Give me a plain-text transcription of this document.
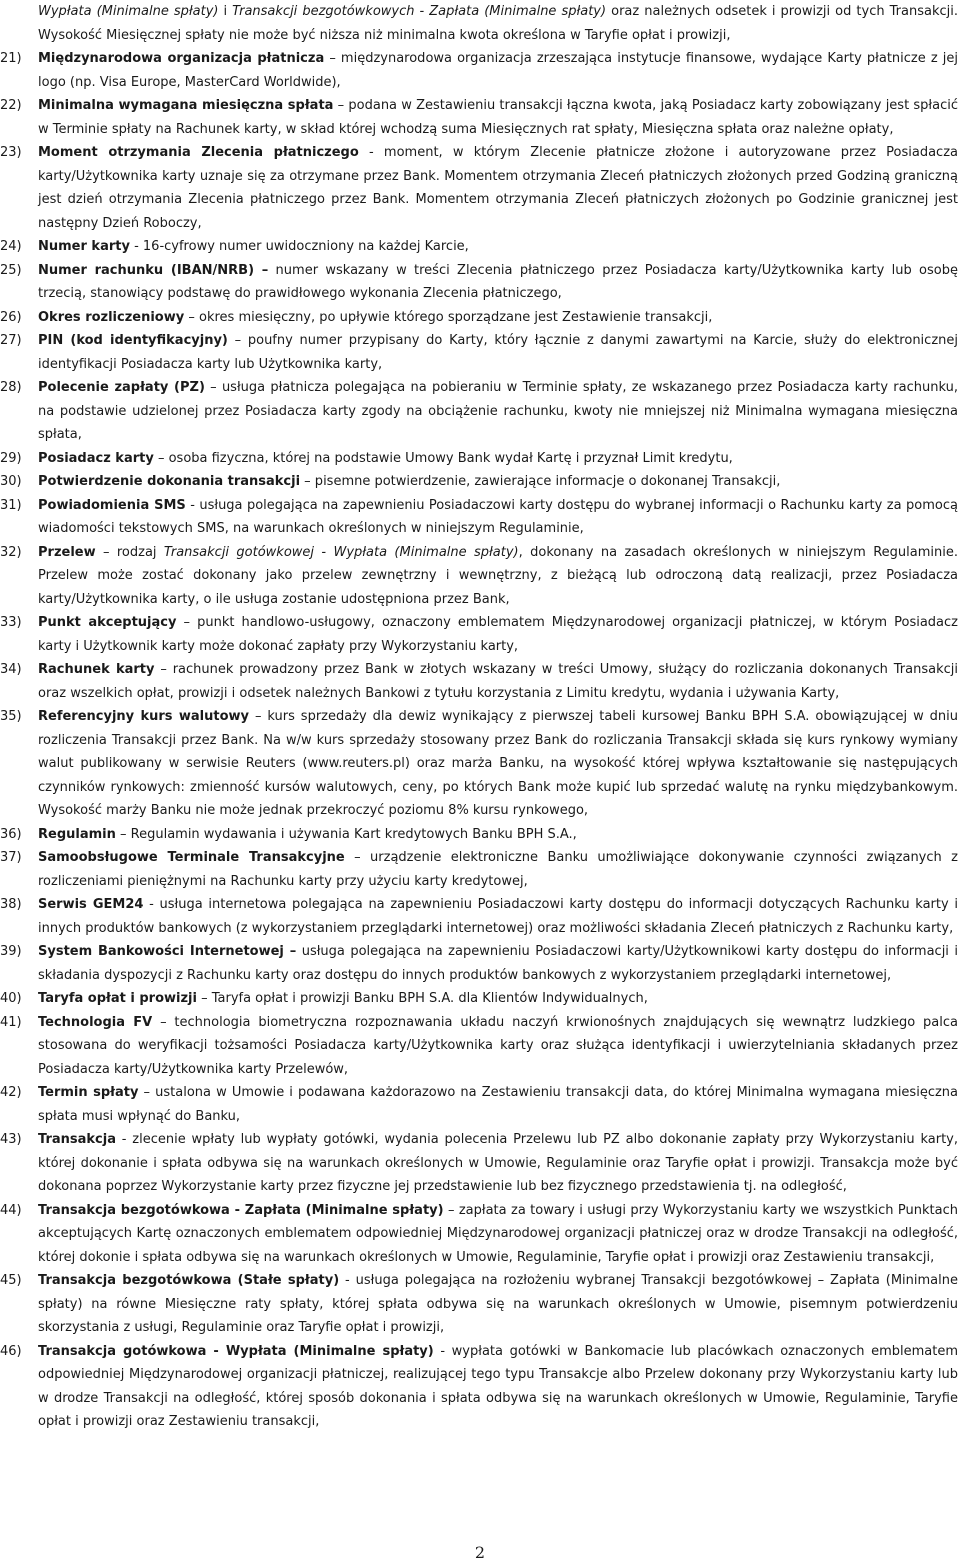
Wypłata (Minimalne spłaty) i Transakcji bezgotówkowych - Zapłata (Minimalne spłaty) oraz należnych odsetek i prowizji od tych Transakcji. Wysokość Miesięcznej spłaty nie może być niższa niż minimalna kwota określona w Taryfie opłat i prowizji,
21)	Międzynarodowa organizacja płatnicza – międzynarodowa organizacja zrzeszająca instytucje finansowe, wydające Karty płatnicze z jej logo (np. Visa Europe, MasterCard Worldwide),
22)	Minimalna wymagana miesięczna spłata – podana w Zestawieniu transakcji łączna kwota, jaką Posiadacz karty zobowiązany jest spłacić w Terminie spłaty na Rachunek karty, w skład której wchodzą suma Miesięcznych rat spłaty, Miesięczna spłata oraz należne opłaty,
23)	Moment otrzymania Zlecenia płatniczego - moment, w którym Zlecenie płatnicze złożone i autoryzowane przez Posiadacza karty/Użytkownika karty uznaje się za otrzymane przez Bank. Momentem otrzymania Zleceń płatniczych złożonych przed Godziną graniczną jest dzień otrzymania Zlecenia płatniczego przez Bank. Momentem otrzymania Zleceń płatniczych złożonych po Godzinie granicznej jest następny Dzień Roboczy,
24)	Numer karty - 16-cyfrowy numer uwidoczniony na każdej Karcie,
25)	Numer rachunku (IBAN/NRB) – numer wskazany w treści Zlecenia płatniczego przez Posiadacza karty/Użytkownika karty lub osobę trzecią, stanowiący podstawę do prawidłowego wykonania Zlecenia płatniczego,
26)	Okres rozliczeniowy – okres miesięczny, po upływie którego sporządzane jest Zestawienie transakcji,
27)	PIN (kod identyfikacyjny) – poufny numer przypisany do Karty, który łącznie z danymi zawartymi na Karcie, służy do elektronicznej identyfikacji Posiadacza karty lub Użytkownika karty,
28)	Polecenie zapłaty (PZ) – usługa płatnicza polegająca na pobieraniu w Terminie spłaty, ze wskazanego przez Posiadacza karty rachunku, na podstawie udzielonej przez Posiadacza karty zgody na obciążenie rachunku, kwoty nie mniejszej niż Minimalna wymagana miesięczna spłata,
29)	Posiadacz karty – osoba fizyczna, której na podstawie Umowy Bank wydał Kartę i przyznał Limit kredytu,
30)	Potwierdzenie dokonania transakcji – pisemne potwierdzenie, zawierające informacje o dokonanej Transakcji,
31)	Powiadomienia SMS - usługa polegająca na zapewnieniu Posiadaczowi karty dostępu do wybranej informacji o Rachunku karty za pomocą wiadomości tekstowych SMS, na warunkach określonych w niniejszym Regulaminie,
32)	Przelew – rodzaj Transakcji gotówkowej - Wypłata (Minimalne spłaty), dokonany na zasadach określonych w niniejszym Regulaminie. Przelew może zostać dokonany jako przelew zewnętrzny i wewnętrzny, z bieżącą lub odroczoną datą realizacji, przez Posiadacza karty/Użytkownika karty, o ile usługa zostanie udostępniona przez Bank,
33)	Punkt akceptujący – punkt handlowo-usługowy, oznaczony emblematem Międzynarodowej organizacji płatniczej, w którym Posiadacz karty i Użytkownik karty może dokonać zapłaty przy Wykorzystaniu karty,
34)	Rachunek karty – rachunek prowadzony przez Bank w złotych wskazany w treści Umowy, służący do rozliczania dokonanych Transakcji oraz wszelkich opłat, prowizji i odsetek należnych Bankowi z tytułu korzystania z Limitu kredytu, wydania i używania Karty,
35)	Referencyjny kurs walutowy – kurs sprzedaży dla dewiz wynikający z pierwszej tabeli kursowej Banku BPH S.A. obowiązującej w dniu rozliczenia Transakcji przez Bank. Na w/w kurs sprzedaży stosowany przez Bank do rozliczania Transakcji składa się kurs rynkowy wymiany walut publikowany w serwisie Reuters (www.reuters.pl) oraz marża Banku, na wysokość której wpływa kształtowanie się następujących czynników rynkowych: zmienność kursów walutowych, ceny, po których Bank może kupić lub sprzedać walutę na rynku międzybankowym. Wysokość marży Banku nie może jednak przekroczyć poziomu 8% kursu rynkowego,
36)	Regulamin – Regulamin wydawania i używania Kart kredytowych Banku BPH S.A.,
37)	Samoobsługowe Terminale Transakcyjne – urządzenie elektroniczne Banku umożliwiające dokonywanie czynności związanych z rozliczeniami pieniężnymi na Rachunku karty przy użyciu karty kredytowej,
38)	Serwis GEM24 - usługa internetowa polegająca na zapewnieniu Posiadaczowi karty dostępu do informacji dotyczących Rachunku karty i innych produktów bankowych (z wykorzystaniem przeglądarki internetowej) oraz możliwości składania Zleceń płatniczych z Rachunku karty,
39)	System Bankowości Internetowej – usługa polegająca na zapewnieniu Posiadaczowi karty/Użytkownikowi karty dostępu do informacji i składania dyspozycji z Rachunku karty oraz dostępu do innych produktów bankowych z wykorzystaniem przeglądarki internetowej,
40)	Taryfa opłat i prowizji – Taryfa opłat i prowizji Banku BPH S.A. dla Klientów Indywidualnych,
41)	Technologia FV – technologia biometryczna rozpoznawania układu naczyń krwionośnych znajdujących się wewnątrz ludzkiego palca stosowana do weryfikacji tożsamości Posiadacza karty/Użytkownika karty oraz służąca identyfikacji i uwierzytelniania składanych przez Posiadacza karty/Użytkownika karty Przelewów,
42)	Termin spłaty – ustalona w Umowie i podawana każdorazowo na Zestawieniu transakcji data, do której Minimalna wymagana miesięczna spłata musi wpłynąć do Banku,
43)	Transakcja - zlecenie wpłaty lub wypłaty gotówki, wydania polecenia Przelewu lub PZ albo dokonanie zapłaty przy Wykorzystaniu karty, której dokonanie i spłata odbywa się na warunkach określonych w Umowie, Regulaminie oraz Taryfie opłat i prowizji. Transakcja może być dokonana poprzez Wykorzystanie karty przez fizyczne jej przedstawienie lub bez fizycznego przedstawienia tj. na odległość,
44)	Transakcja bezgotówkowa - Zapłata (Minimalne spłaty) – zapłata za towary i usługi przy Wykorzystaniu karty we wszystkich Punktach akceptujących Kartę oznaczonych emblematem odpowiedniej Międzynarodowej organizacji płatniczej oraz w drodze Transakcji na odległość, której dokonie i spłata odbywa się na warunkach określonych w Umowie, Regulaminie, Taryfie opłat i prowizji oraz Zestawieniu transakcji,
45)	Transakcja bezgotówkowa (Stałe spłaty) - usługa polegająca na rozłożeniu wybranej Transakcji bezgotówkowej – Zapłata (Minimalne spłaty) na równe Miesięczne raty spłaty, której spłata odbywa się na warunkach określonych w Umowie, pisemnym potwierdzeniu skorzystania z usługi, Regulaminie oraz Taryfie opłat i prowizji,
46)	Transakcja gotówkowa - Wypłata (Minimalne spłaty) - wypłata gotówki w Bankomacie lub placówkach oznaczonych emblematem odpowiedniej Międzynarodowej organizacji płatniczej, realizującej tego typu Transakcje albo Przelew dokonany przy Wykorzystaniu karty lub w drodze Transakcji na odległość, której sposób dokonania i spłata odbywa się na warunkach określonych w Umowie, Regulaminie, Taryfie opłat i prowizji oraz Zestawieniu transakcji,
2
